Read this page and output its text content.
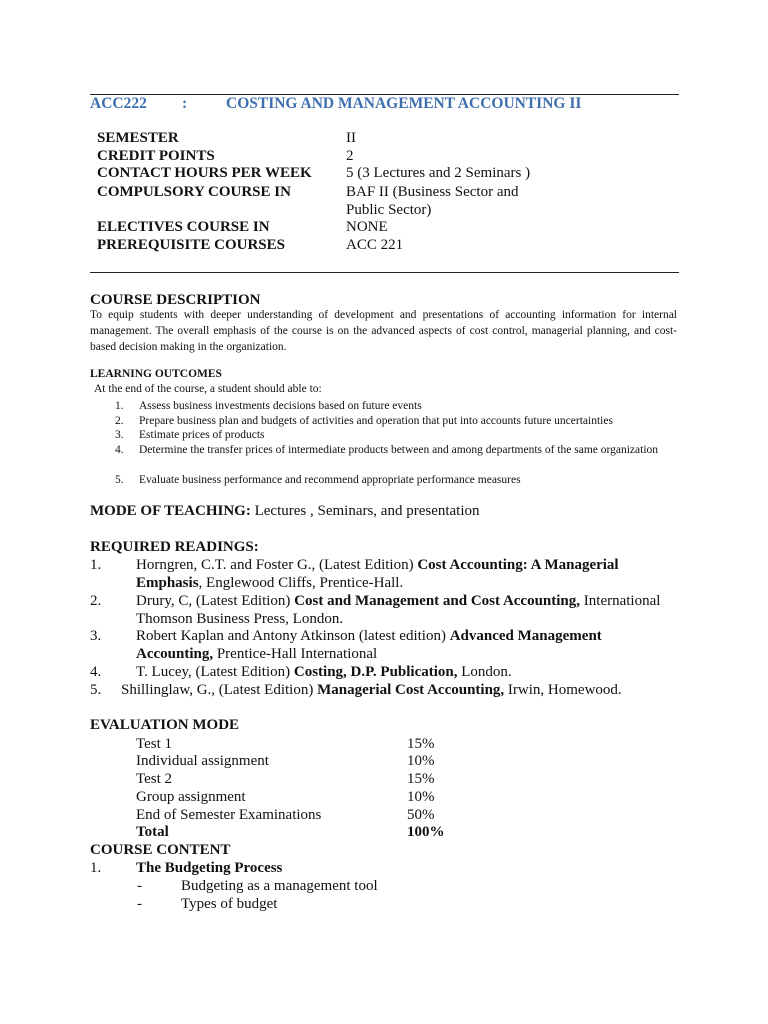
ACC222 :	COSTING AND MANAGEMENT ACCOUNTING II
SEMESTER	II
CREDIT POINTS	2
CONTACT HOURS PER WEEK 5 (3 Lectures and 2 Seminars )
COMPULSORY COURSE IN	BAF II (Business Sector and
Public Sector)
ELECTIVES COURSE IN	NONE
PREREQUISITE COURSES	ACC 221
COURSE DESCRIPTION
To equip students with deeper understanding of development and presentations of accounting information for internal management. The overall emphasis of the course is on the advanced aspects of cost control, managerial planning, and cost-based decision making in the organization.
LEARNING OUTCOMES
At the end of the course, a student should able to:
1. Assess business investments decisions based on future events
2. Prepare business plan and budgets of activities and operation that put into accounts future uncertainties
3. Estimate prices of products
4. Determine the transfer prices of intermediate products between and among departments of the same organization
5. Evaluate business performance and recommend appropriate performance measures
MODE OF TEACHING: Lectures , Seminars, and presentation
REQUIRED READINGS:
1. Horngren, C.T. and Foster G., (Latest Edition) Cost Accounting: A Managerial
Emphasis, Englewood Cliffs, Prentice-Hall.
2. Drury, C, (Latest Edition) Cost and Management and Cost Accounting, International
Thomson Business Press, London.
3. Robert Kaplan and Antony Atkinson (latest edition) Advanced Management
Accounting, Prentice-Hall International
4. T. Lucey, (Latest Edition) Costing, D.P. Publication, London.
5. Shillinglaw, G., (Latest Edition) Managerial Cost Accounting, Irwin, Homewood.
EVALUATION MODE
Test 1	15%
Individual assignment	10%
Test 2	15%
Group assignment	10%
End of Semester Examinations	50%
Total	100%
COURSE CONTENT
1. The Budgeting Process
-	Budgeting as a management tool
-	Types of budget
